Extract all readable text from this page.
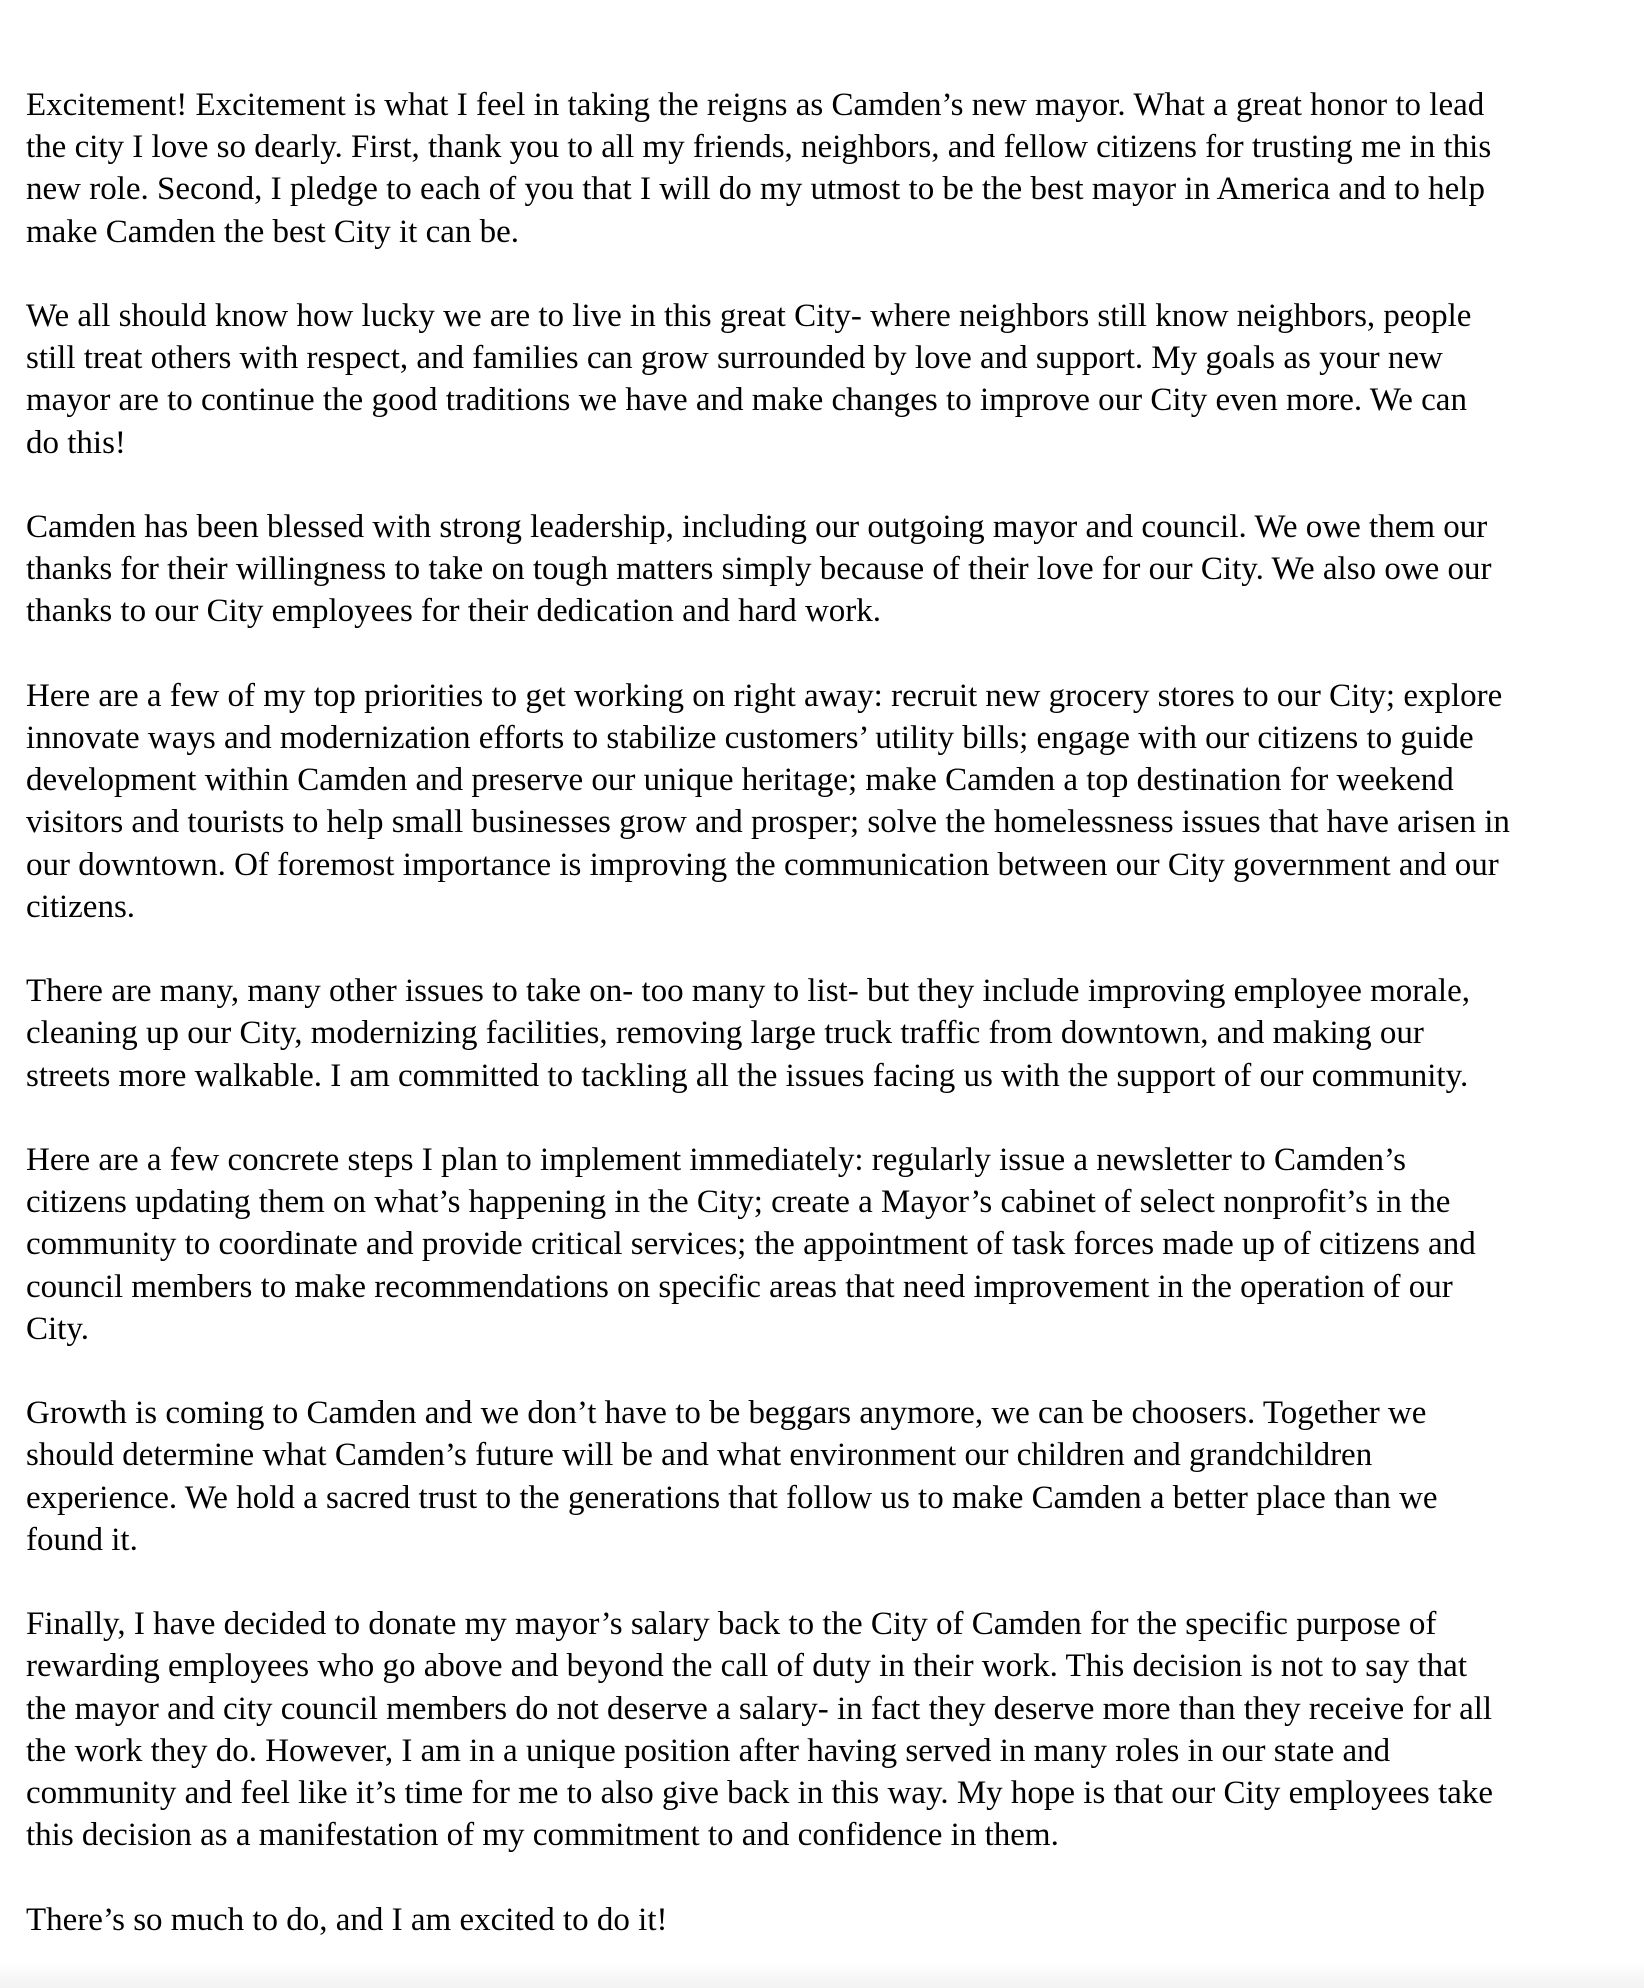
Excitement! Excitement is what I feel in taking the reigns as Camden’s new mayor. What a great honor to lead
the city I love so dearly. First, thank you to all my friends, neighbors, and fellow citizens for trusting me in this
new role. Second, I pledge to each of you that I will do my utmost to be the best mayor in America and to help
make Camden the best City it can be.

We all should know how lucky we are to live in this great City- where neighbors still know neighbors, people
still treat others with respect, and families can grow surrounded by love and support. My goals as your new
mayor are to continue the good traditions we have and make changes to improve our City even more. We can
do this!

Camden has been blessed with strong leadership, including our outgoing mayor and council. We owe them our
thanks for their willingness to take on tough matters simply because of their love for our City. We also owe our
thanks to our City employees for their dedication and hard work.

Here are a few of my top priorities to get working on right away: recruit new grocery stores to our City; explore
innovate ways and modernization efforts to stabilize customers’ utility bills; engage with our citizens to guide
development within Camden and preserve our unique heritage; make Camden a top destination for weekend
visitors and tourists to help small businesses grow and prosper; solve the homelessness issues that have arisen in
our downtown. Of foremost importance is improving the communication between our City government and our
citizens.

There are many, many other issues to take on- too many to list- but they include improving employee morale,
cleaning up our City, modernizing facilities, removing large truck traffic from downtown, and making our
streets more walkable. I am committed to tackling all the issues facing us with the support of our community.

Here are a few concrete steps I plan to implement immediately: regularly issue a newsletter to Camden’s
citizens updating them on what’s happening in the City; create a Mayor’s cabinet of select nonprofit’s in the
community to coordinate and provide critical services; the appointment of task forces made up of citizens and
council members to make recommendations on specific areas that need improvement in the operation of our
City.

Growth is coming to Camden and we don’t have to be beggars anymore, we can be choosers. Together we
should determine what Camden’s future will be and what environment our children and grandchildren
experience. We hold a sacred trust to the generations that follow us to make Camden a better place than we
found it.

Finally, I have decided to donate my mayor’s salary back to the City of Camden for the specific purpose of
rewarding employees who go above and beyond the call of duty in their work. This decision is not to say that
the mayor and city council members do not deserve a salary- in fact they deserve more than they receive for all
the work they do. However, I am in a unique position after having served in many roles in our state and
community and feel like it’s time for me to also give back in this way. My hope is that our City employees take
this decision as a manifestation of my commitment to and confidence in them.

There’s so much to do, and I am excited to do it!
